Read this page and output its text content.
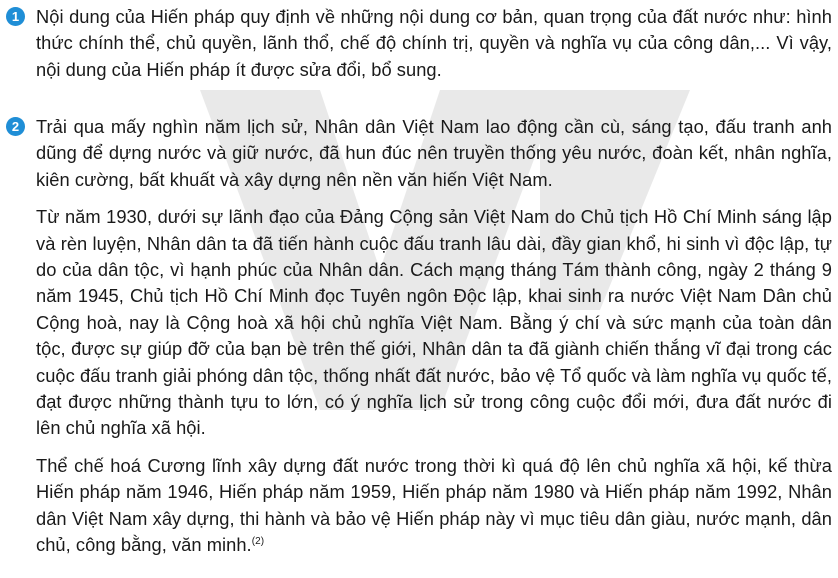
1 Nội dung của Hiến pháp quy định về những nội dung cơ bản, quan trọng của đất nước như: hình thức chính thể, chủ quyền, lãnh thổ, chế độ chính trị, quyền và nghĩa vụ của công dân,... Vì vậy, nội dung của Hiến pháp ít được sửa đổi, bổ sung.

2 Trải qua mấy nghìn năm lịch sử, Nhân dân Việt Nam lao động cần cù, sáng tạo, đấu tranh anh dũng để dựng nước và giữ nước, đã hun đúc nên truyền thống yêu nước, đoàn kết, nhân nghĩa, kiên cường, bất khuất và xây dựng nên nền văn hiến Việt Nam.

Từ năm 1930, dưới sự lãnh đạo của Đảng Cộng sản Việt Nam do Chủ tịch Hồ Chí Minh sáng lập và rèn luyện, Nhân dân ta đã tiến hành cuộc đấu tranh lâu dài, đầy gian khổ, hi sinh vì độc lập, tự do của dân tộc, vì hạnh phúc của Nhân dân. Cách mạng tháng Tám thành công, ngày 2 tháng 9 năm 1945, Chủ tịch Hồ Chí Minh đọc Tuyên ngôn Độc lập, khai sinh ra nước Việt Nam Dân chủ Cộng hoà, nay là Cộng hoà xã hội chủ nghĩa Việt Nam. Bằng ý chí và sức mạnh của toàn dân tộc, được sự giúp đỡ của bạn bè trên thế giới, Nhân dân ta đã giành chiến thắng vĩ đại trong các cuộc đấu tranh giải phóng dân tộc, thống nhất đất nước, bảo vệ Tổ quốc và làm nghĩa vụ quốc tế, đạt được những thành tựu to lớn, có ý nghĩa lịch sử trong công cuộc đổi mới, đưa đất nước đi lên chủ nghĩa xã hội.

Thể chế hoá Cương lĩnh xây dựng đất nước trong thời kì quá độ lên chủ nghĩa xã hội, kế thừa Hiến pháp năm 1946, Hiến pháp năm 1959, Hiến pháp năm 1980 và Hiến pháp năm 1992, Nhân dân Việt Nam xây dựng, thi hành và bảo vệ Hiến pháp này vì mục tiêu dân giàu, nước mạnh, dân chủ, công bằng, văn minh.$^{(2)}$
